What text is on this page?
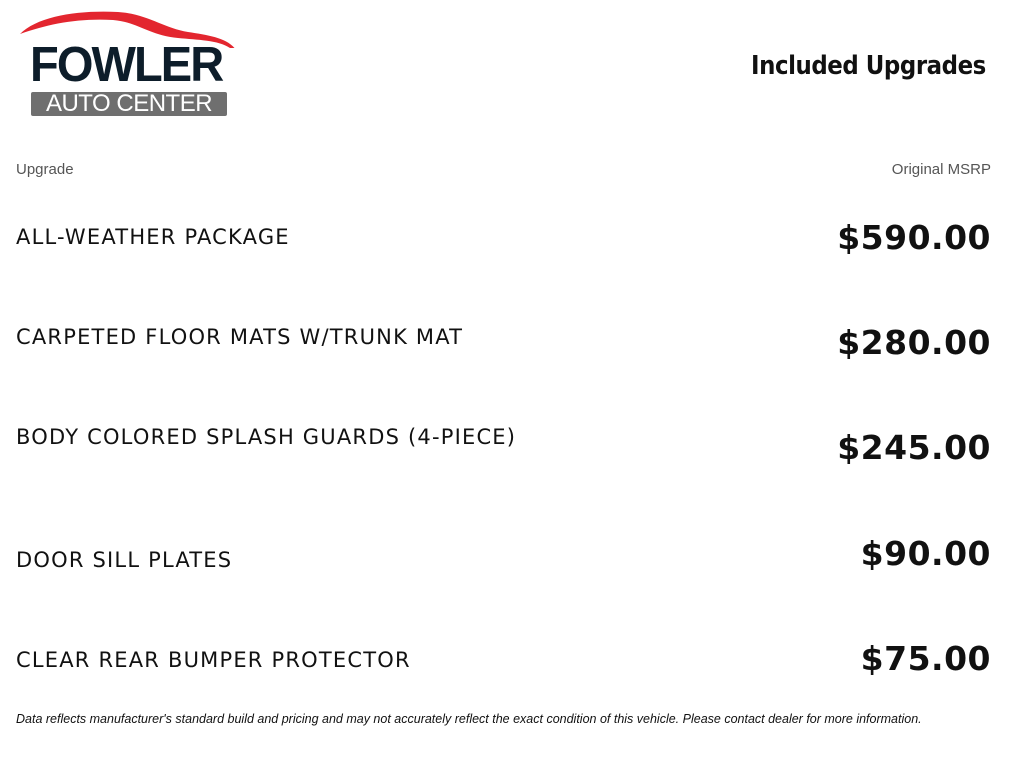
FOWLER
AUTO CENTER
Included Upgrades
Upgrade	Original MSRP
ALL-WEATHER PACKAGE	$590.00
CARPETED FLOOR MATS W/TRUNK MAT	$280.00
BODY COLORED SPLASH GUARDS (4-PIECE)	$245.00
DOOR SILL PLATES	$90.00
CLEAR REAR BUMPER PROTECTOR	$75.00
Data reflects manufacturer's standard build and pricing and may not accurately reflect the exact condition of this vehicle. Please contact dealer for more information.
